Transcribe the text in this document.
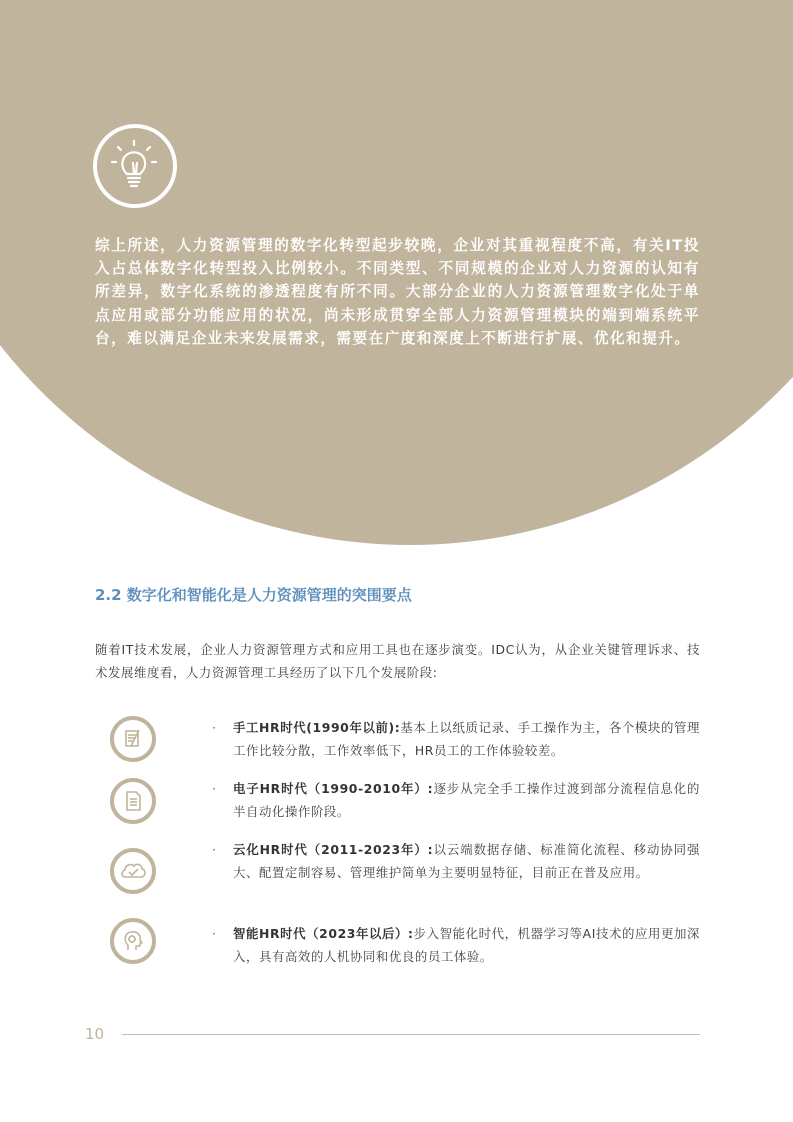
综上所述，人力资源管理的数字化转型起步较晚，企业对其重视程度不高，有关IT投入占总体数字化转型投入比例较小。不同类型、不同规模的企业对人力资源的认知有所差异，数字化系统的渗透程度有所不同。大部分企业的人力资源管理数字化处于单点应用或部分功能应用的状况，尚未形成贯穿全部人力资源管理模块的端到端系统平台，难以满足企业未来发展需求，需要在广度和深度上不断进行扩展、优化和提升。
2.2 数字化和智能化是人力资源管理的突围要点
随着IT技术发展，企业人力资源管理方式和应用工具也在逐步演变。IDC认为，从企业关键管理诉求、技术发展维度看，人力资源管理工具经历了以下几个发展阶段:
·	手工HR时代(1990年以前):基本上以纸质记录、手工操作为主，各个模块的管理工作比较分散，工作效率低下，HR员工的工作体验较差。
·	电子HR时代（1990-2010年）:逐步从完全手工操作过渡到部分流程信息化的半自动化操作阶段。
·	云化HR时代（2011-2023年）:以云端数据存储、标准简化流程、移动协同强大、配置定制容易、管理维护简单为主要明显特征，目前正在普及应用。
·	智能HR时代（2023年以后）:步入智能化时代，机器学习等AI技术的应用更加深入，具有高效的人机协同和优良的员工体验。
10
